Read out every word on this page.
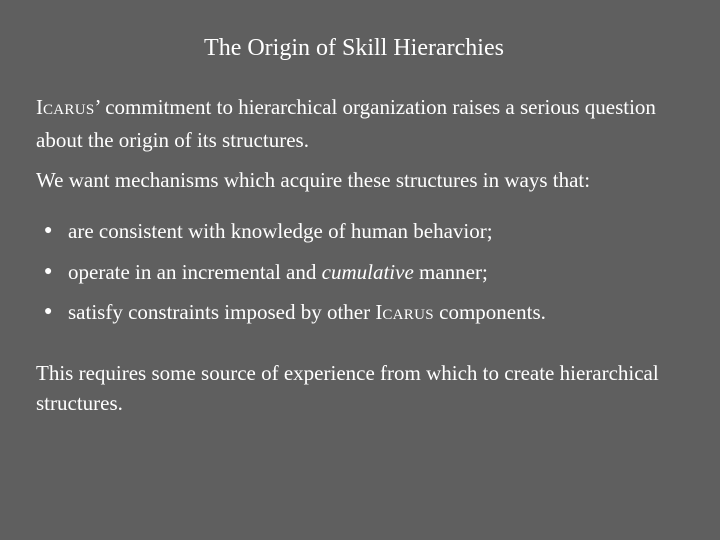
The Origin of Skill Hierarchies

ICARUS’ commitment to hierarchical organization raises a serious question about the origin of its structures.

We want mechanisms which acquire these structures in ways that:

● are consistent with knowledge of human behavior;
● operate in an incremental and cumulative manner;
● satisfy constraints imposed by other ICARUS components.

This requires some source of experience from which to create hierarchical structures.
